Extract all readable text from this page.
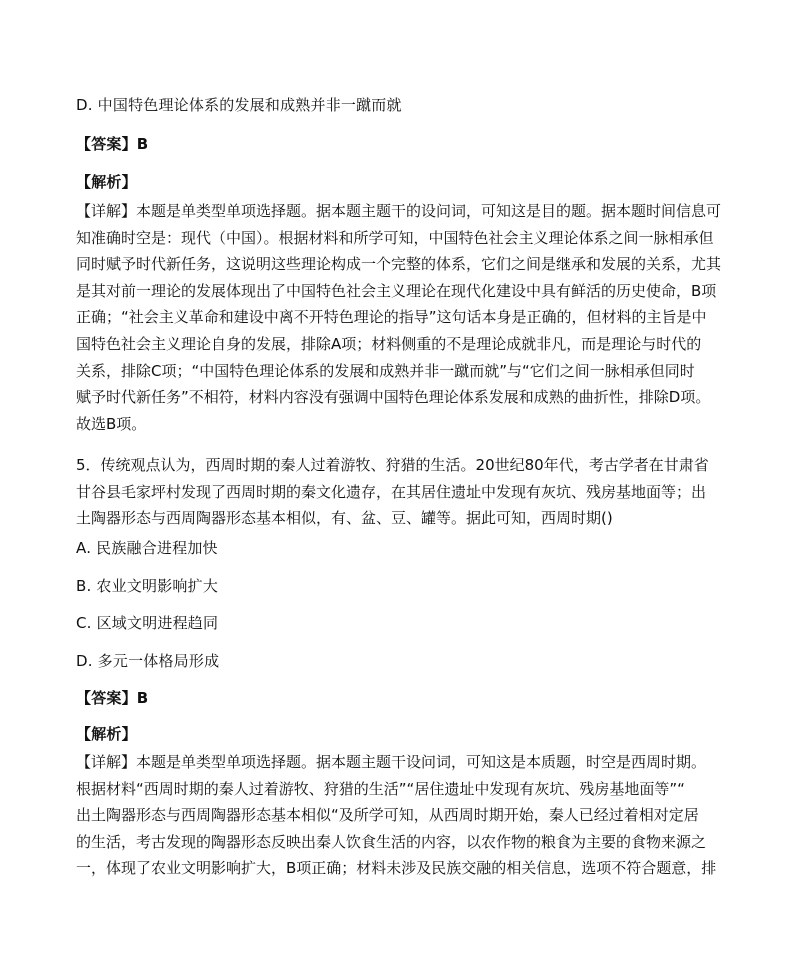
D. 中国特色理论体系的发展和成熟并非一蹴而就
【答案】B
【解析】
【详解】本题是单类型单项选择题。据本题主题干的设问词，可知这是目的题。据本题时间信息可
知准确时空是：现代（中国）。根据材料和所学可知，中国特色社会主义理论体系之间一脉相承但
同时赋予时代新任务，这说明这些理论构成一个完整的体系，它们之间是继承和发展的关系，尤其
是其对前一理论的发展体现出了中国特色社会主义理论在现代化建设中具有鲜活的历史使命，B项
正确；“社会主义革命和建设中离不开特色理论的指导”这句话本身是正确的，但材料的主旨是中
国特色社会主义理论自身的发展，排除A项；材料侧重的不是理论成就非凡，而是理论与时代的
关系，排除C项；“中国特色理论体系的发展和成熟并非一蹴而就”与“它们之间一脉相承但同时
赋予时代新任务”不相符，材料内容没有强调中国特色理论体系发展和成熟的曲折性，排除D项。
故选B项。
5．传统观点认为，西周时期的秦人过着游牧、狩猎的生活。20世纪80年代，考古学者在甘肃省
甘谷县毛家坪村发现了西周时期的秦文化遗存，在其居住遗址中发现有灰坑、残房基地面等；出
土陶器形态与西周陶器形态基本相似，有、盆、豆、罐等。据此可知，西周时期()
A. 民族融合进程加快
B. 农业文明影响扩大
C. 区域文明进程趋同
D. 多元一体格局形成
【答案】B
【解析】
【详解】本题是单类型单项选择题。据本题主题干设问词，可知这是本质题，时空是西周时期。
根据材料“西周时期的秦人过着游牧、狩猎的生活”“居住遗址中发现有灰坑、残房基地面等”“
出土陶器形态与西周陶器形态基本相似“及所学可知，从西周时期开始，秦人已经过着相对定居
的生活，考古发现的陶器形态反映出秦人饮食生活的内容，以农作物的粮食为主要的食物来源之
一，体现了农业文明影响扩大，B项正确；材料未涉及民族交融的相关信息，选项不符合题意，排
